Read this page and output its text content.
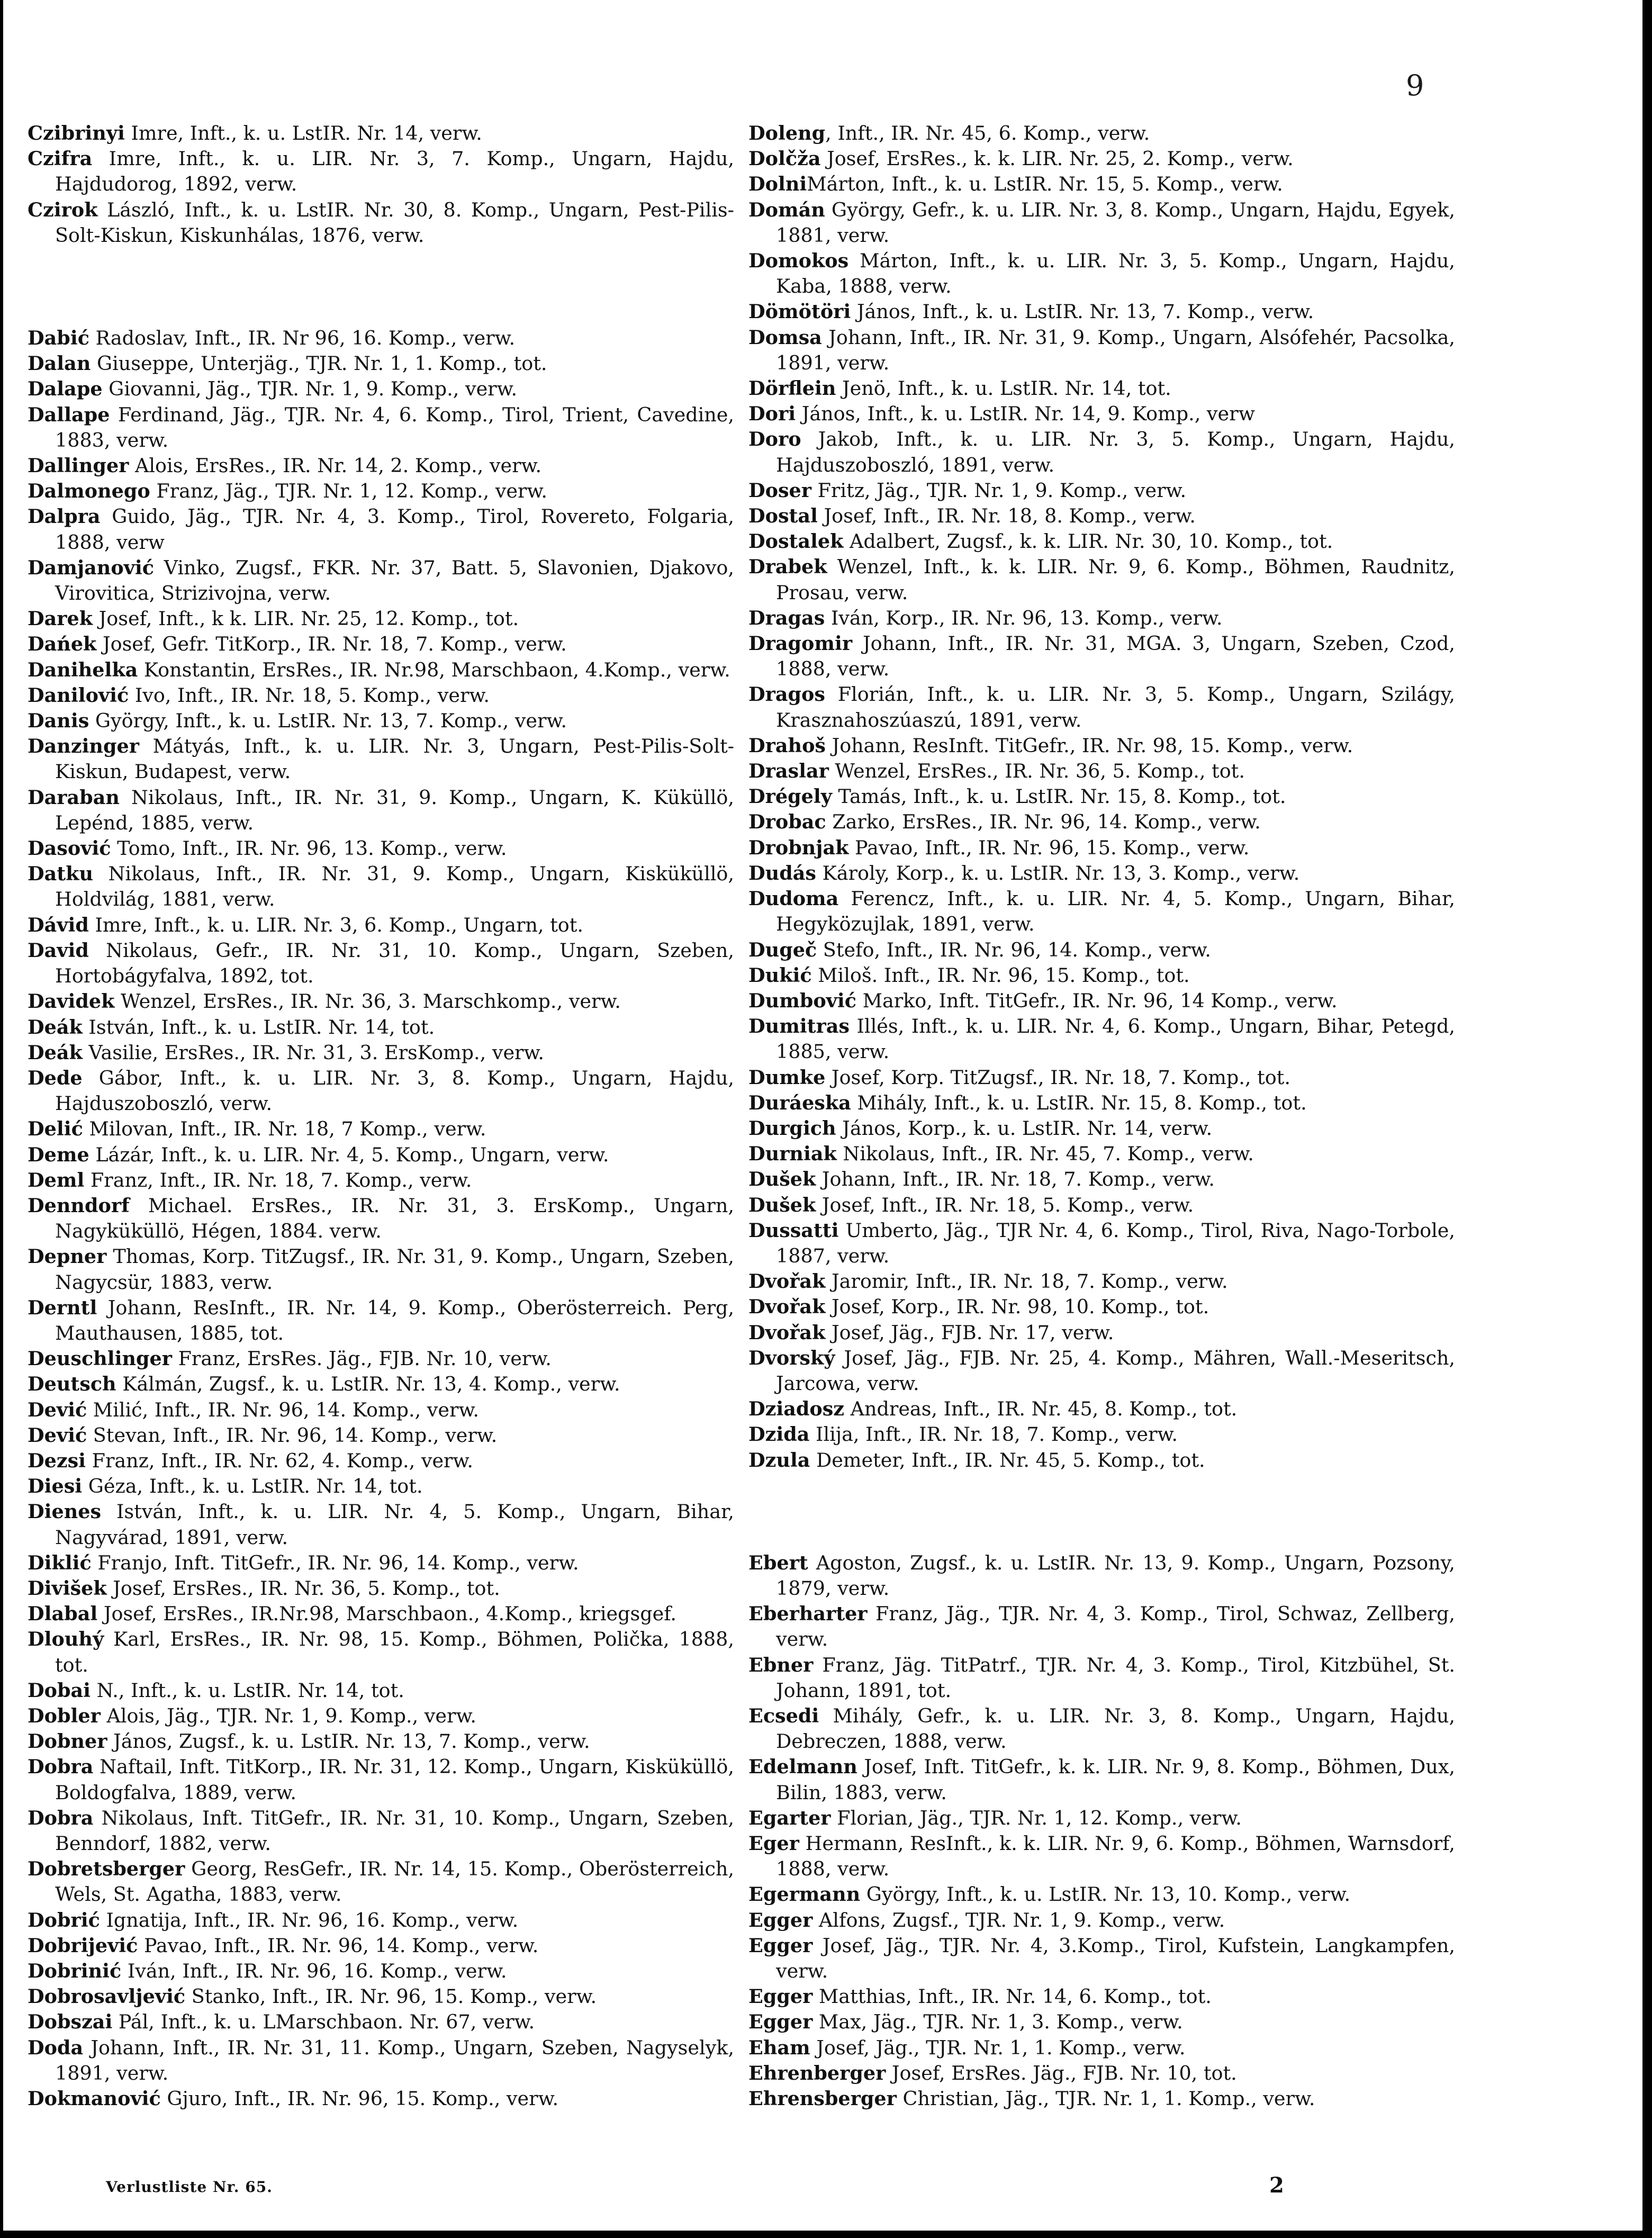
9
Czibrinyi Imre, Inft., k. u. LstIR. Nr. 14, verw.
Czifra Imre, Inft., k. u. LIR. Nr. 3, 7. Komp., Ungarn, Hajdu, Hajdudorog, 1892, verw.
Czirok László, Inft., k. u. LstIR. Nr. 30, 8. Komp., Ungarn, Pest-Pilis-Solt-Kiskun, Kiskunhálas, 1876, verw.
Dabić Radoslav, Inft., IR. Nr 96, 16. Komp., verw.
Dalan Giuseppe, Unterjäg., TJR. Nr. 1, 1. Komp., tot.
Dalape Giovanni, Jäg., TJR. Nr. 1, 9. Komp., verw.
Dallape Ferdinand, Jäg., TJR. Nr. 4, 6. Komp., Tirol, Trient, Cavedine, 1883, verw.
Dallinger Alois, ErsRes., IR. Nr. 14, 2. Komp., verw.
Dalmonego Franz, Jäg., TJR. Nr. 1, 12. Komp., verw.
Dalpra Guido, Jäg., TJR. Nr. 4, 3. Komp., Tirol, Rovereto, Folgaria, 1888, verw
Damjanović Vinko, Zugsf., FKR. Nr. 37, Batt. 5, Slavonien, Djakovo, Virovitica, Strizivojna, verw.
Darek Josef, Inft., k k. LIR. Nr. 25, 12. Komp., tot.
Dańek Josef, Gefr. TitKorp., IR. Nr. 18, 7. Komp., verw.
Danihelka Konstantin, ErsRes., IR. Nr.98, Marschbaon, 4.Komp., verw.
Danilović Ivo, Inft., IR. Nr. 18, 5. Komp., verw.
Danis György, Inft., k. u. LstIR. Nr. 13, 7. Komp., verw.
Danzinger Mátyás, Inft., k. u. LIR. Nr. 3, Ungarn, Pest-Pilis-Solt-Kiskun, Budapest, verw.
Daraban Nikolaus, Inft., IR. Nr. 31, 9. Komp., Ungarn, K. Küküllö, Lepénd, 1885, verw.
Dasović Tomo, Inft., IR. Nr. 96, 13. Komp., verw.
Datku Nikolaus, Inft., IR. Nr. 31, 9. Komp., Ungarn, Kisküküllö, Holdvilág, 1881, verw.
Dávid Imre, Inft., k. u. LIR. Nr. 3, 6. Komp., Ungarn, tot.
David Nikolaus, Gefr., IR. Nr. 31, 10. Komp., Ungarn, Szeben, Hortobágyfalva, 1892, tot.
Davidek Wenzel, ErsRes., IR. Nr. 36, 3. Marschkomp., verw.
Deák István, Inft., k. u. LstIR. Nr. 14, tot.
Deák Vasilie, ErsRes., IR. Nr. 31, 3. ErsKomp., verw.
Dede Gábor, Inft., k. u. LIR. Nr. 3, 8. Komp., Ungarn, Hajdu, Hajduszoboszló, verw.
Delić Milovan, Inft., IR. Nr. 18, 7 Komp., verw.
Deme Lázár, Inft., k. u. LIR. Nr. 4, 5. Komp., Ungarn, verw.
Deml Franz, Inft., IR. Nr. 18, 7. Komp., verw.
Denndorf Michael. ErsRes., IR. Nr. 31, 3. ErsKomp., Ungarn, Nagyküküllö, Hégen, 1884. verw.
Depner Thomas, Korp. TitZugsf., IR. Nr. 31, 9. Komp., Ungarn, Szeben, Nagycsür, 1883, verw.
Derntl Johann, ResInft., IR. Nr. 14, 9. Komp., Oberösterreich. Perg, Mauthausen, 1885, tot.
Deuschlinger Franz, ErsRes. Jäg., FJB. Nr. 10, verw.
Deutsch Kálmán, Zugsf., k. u. LstIR. Nr. 13, 4. Komp., verw.
Dević Milić, Inft., IR. Nr. 96, 14. Komp., verw.
Dević Stevan, Inft., IR. Nr. 96, 14. Komp., verw.
Dezsi Franz, Inft., IR. Nr. 62, 4. Komp., verw.
Diesi Géza, Inft., k. u. LstIR. Nr. 14, tot.
Dienes István, Inft., k. u. LIR. Nr. 4, 5. Komp., Ungarn, Bihar, Nagyvárad, 1891, verw.
Diklić Franjo, Inft. TitGefr., IR. Nr. 96, 14. Komp., verw.
Divišek Josef, ErsRes., IR. Nr. 36, 5. Komp., tot.
Dlabal Josef, ErsRes., IR.Nr.98, Marschbaon., 4.Komp., kriegsgef.
Dlouhý Karl, ErsRes., IR. Nr. 98, 15. Komp., Böhmen, Polička, 1888, tot.
Dobai N., Inft., k. u. LstIR. Nr. 14, tot.
Dobler Alois, Jäg., TJR. Nr. 1, 9. Komp., verw.
Dobner János, Zugsf., k. u. LstIR. Nr. 13, 7. Komp., verw.
Dobra Naftail, Inft. TitKorp., IR. Nr. 31, 12. Komp., Ungarn, Kisküküllö, Boldogfalva, 1889, verw.
Dobra Nikolaus, Inft. TitGefr., IR. Nr. 31, 10. Komp., Ungarn, Szeben, Benndorf, 1882, verw.
Dobretsberger Georg, ResGefr., IR. Nr. 14, 15. Komp., Oberösterreich, Wels, St. Agatha, 1883, verw.
Dobrić Ignatija, Inft., IR. Nr. 96, 16. Komp., verw.
Dobrijević Pavao, Inft., IR. Nr. 96, 14. Komp., verw.
Dobrinić Iván, Inft., IR. Nr. 96, 16. Komp., verw.
Dobrosavljević Stanko, Inft., IR. Nr. 96, 15. Komp., verw.
Dobszai Pál, Inft., k. u. LMarschbaon. Nr. 67, verw.
Doda Johann, Inft., IR. Nr. 31, 11. Komp., Ungarn, Szeben, Nagyselyk, 1891, verw.
Dokmanović Gjuro, Inft., IR. Nr. 96, 15. Komp., verw.
Doleng, Inft., IR. Nr. 45, 6. Komp., verw.
Dolčža Josef, ErsRes., k. k. LIR. Nr. 25, 2. Komp., verw.
DolniMárton, Inft., k. u. LstIR. Nr. 15, 5. Komp., verw.
Domán György, Gefr., k. u. LIR. Nr. 3, 8. Komp., Ungarn, Hajdu, Egyek, 1881, verw.
Domokos Márton, Inft., k. u. LIR. Nr. 3, 5. Komp., Ungarn, Hajdu, Kaba, 1888, verw.
Dömötöri János, Inft., k. u. LstIR. Nr. 13, 7. Komp., verw.
Domsa Johann, Inft., IR. Nr. 31, 9. Komp., Ungarn, Alsófehér, Pacsolka, 1891, verw.
Dörflein Jenö, Inft., k. u. LstIR. Nr. 14, tot.
Dori János, Inft., k. u. LstIR. Nr. 14, 9. Komp., verw
Doro Jakob, Inft., k. u. LIR. Nr. 3, 5. Komp., Ungarn, Hajdu, Hajduszoboszló, 1891, verw.
Doser Fritz, Jäg., TJR. Nr. 1, 9. Komp., verw.
Dostal Josef, Inft., IR. Nr. 18, 8. Komp., verw.
Dostalek Adalbert, Zugsf., k. k. LIR. Nr. 30, 10. Komp., tot.
Drabek Wenzel, Inft., k. k. LIR. Nr. 9, 6. Komp., Böhmen, Raudnitz, Prosau, verw.
Dragas Iván, Korp., IR. Nr. 96, 13. Komp., verw.
Dragomir Johann, Inft., IR. Nr. 31, MGA. 3, Ungarn, Szeben, Czod, 1888, verw.
Dragos Florián, Inft., k. u. LIR. Nr. 3, 5. Komp., Ungarn, Szilágy, Krasznahoszúaszú, 1891, verw.
Drahoš Johann, ResInft. TitGefr., IR. Nr. 98, 15. Komp., verw.
Draslar Wenzel, ErsRes., IR. Nr. 36, 5. Komp., tot.
Drégely Tamás, Inft., k. u. LstIR. Nr. 15, 8. Komp., tot.
Drobac Zarko, ErsRes., IR. Nr. 96, 14. Komp., verw.
Drobnjak Pavao, Inft., IR. Nr. 96, 15. Komp., verw.
Dudás Károly, Korp., k. u. LstIR. Nr. 13, 3. Komp., verw.
Dudoma Ferencz, Inft., k. u. LIR. Nr. 4, 5. Komp., Ungarn, Bihar, Hegyközujlak, 1891, verw.
Dugeč Stefo, Inft., IR. Nr. 96, 14. Komp., verw.
Dukić Miloš. Inft., IR. Nr. 96, 15. Komp., tot.
Dumbović Marko, Inft. TitGefr., IR. Nr. 96, 14 Komp., verw.
Dumitras Illés, Inft., k. u. LIR. Nr. 4, 6. Komp., Ungarn, Bihar, Petegd, 1885, verw.
Dumke Josef, Korp. TitZugsf., IR. Nr. 18, 7. Komp., tot.
Duráeska Mihály, Inft., k. u. LstIR. Nr. 15, 8. Komp., tot.
Durgich János, Korp., k. u. LstIR. Nr. 14, verw.
Durniak Nikolaus, Inft., IR. Nr. 45, 7. Komp., verw.
Dušek Johann, Inft., IR. Nr. 18, 7. Komp., verw.
Dušek Josef, Inft., IR. Nr. 18, 5. Komp., verw.
Dussatti Umberto, Jäg., TJR Nr. 4, 6. Komp., Tirol, Riva, Nago-Torbole, 1887, verw.
Dvořak Jaromir, Inft., IR. Nr. 18, 7. Komp., verw.
Dvořak Josef, Korp., IR. Nr. 98, 10. Komp., tot.
Dvořak Josef, Jäg., FJB. Nr. 17, verw.
Dvorský Josef, Jäg., FJB. Nr. 25, 4. Komp., Mähren, Wall.-Meseritsch, Jarcowa, verw.
Dziadosz Andreas, Inft., IR. Nr. 45, 8. Komp., tot.
Dzida Ilija, Inft., IR. Nr. 18, 7. Komp., verw.
Dzula Demeter, Inft., IR. Nr. 45, 5. Komp., tot.
Ebert Agoston, Zugsf., k. u. LstIR. Nr. 13, 9. Komp., Ungarn, Pozsony, 1879, verw.
Eberharter Franz, Jäg., TJR. Nr. 4, 3. Komp., Tirol, Schwaz, Zellberg, verw.
Ebner Franz, Jäg. TitPatrf., TJR. Nr. 4, 3. Komp., Tirol, Kitzbühel, St. Johann, 1891, tot.
Ecsedi Mihály, Gefr., k. u. LIR. Nr. 3, 8. Komp., Ungarn, Hajdu, Debreczen, 1888, verw.
Edelmann Josef, Inft. TitGefr., k. k. LIR. Nr. 9, 8. Komp., Böhmen, Dux, Bilin, 1883, verw.
Egarter Florian, Jäg., TJR. Nr. 1, 12. Komp., verw.
Eger Hermann, ResInft., k. k. LIR. Nr. 9, 6. Komp., Böhmen, Warnsdorf, 1888, verw.
Egermann György, Inft., k. u. LstIR. Nr. 13, 10. Komp., verw.
Egger Alfons, Zugsf., TJR. Nr. 1, 9. Komp., verw.
Egger Josef, Jäg., TJR. Nr. 4, 3.Komp., Tirol, Kufstein, Langkampfen, verw.
Egger Matthias, Inft., IR. Nr. 14, 6. Komp., tot.
Egger Max, Jäg., TJR. Nr. 1, 3. Komp., verw.
Eham Josef, Jäg., TJR. Nr. 1, 1. Komp., verw.
Ehrenberger Josef, ErsRes. Jäg., FJB. Nr. 10, tot.
Ehrensberger Christian, Jäg., TJR. Nr. 1, 1. Komp., verw.
Verlustliste Nr. 65.	2
